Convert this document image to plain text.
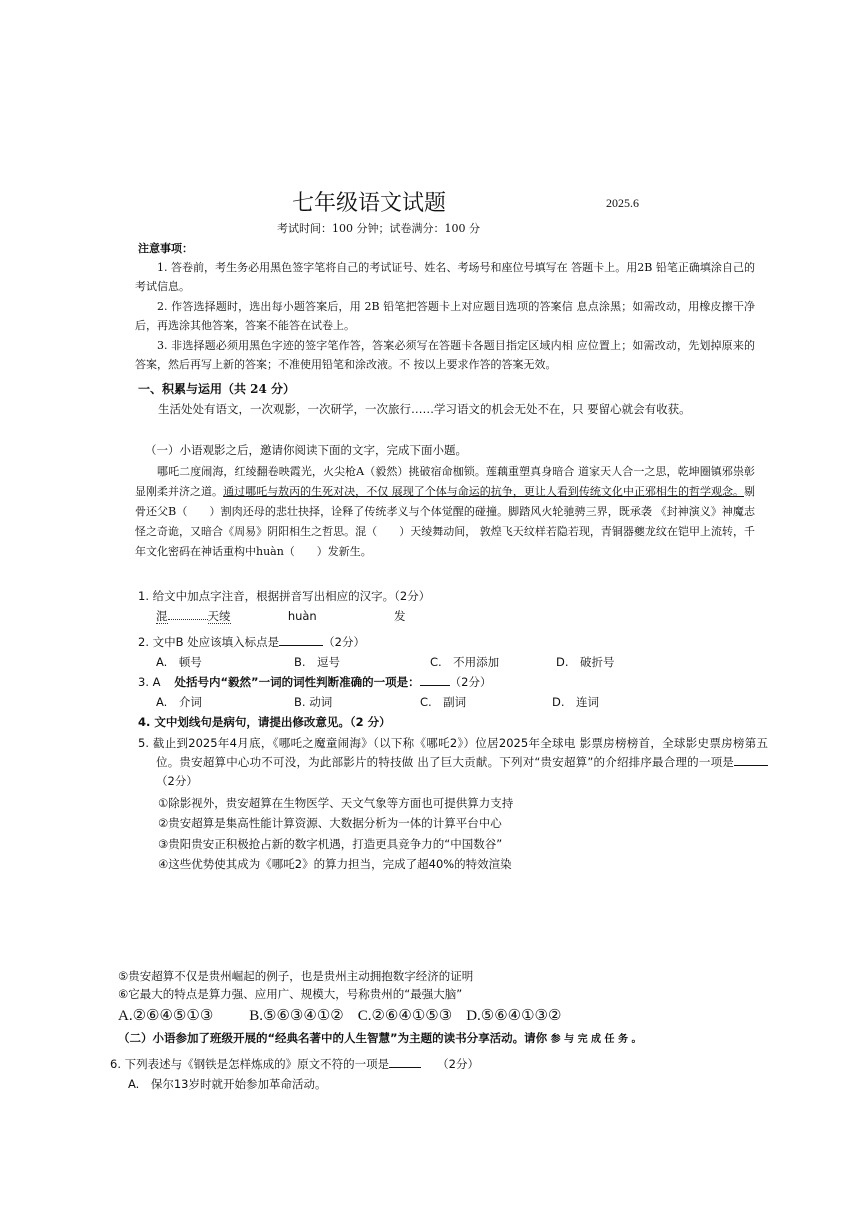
七年级语文试题	2025.6
考试时间：100 分钟；试卷满分：100 分
注意事项：
1. 答卷前，考生务必用黑色签字笔将自己的考试证号、姓名、考场号和座位号填写在 答题卡上。用2B 铅笔正确填涂自己的考试信息。
2. 作答选择题时，选出每小题答案后，用 2B 铅笔把答题卡上对应题目选项的答案信 息点涂黑；如需改动，用橡皮擦干净后，再选涂其他答案，答案不能答在试卷上。
3. 非选择题必须用黑色字迹的签字笔作答，答案必须写在答题卡各题目指定区域内相 应位置上；如需改动，先划掉原来的答案，然后再写上新的答案；不准使用铅笔和涂改液。不 按以上要求作答的答案无效。
一、积累与运用（共 24 分）
生活处处有语文，一次观影，一次研学，一次旅行……学习语文的机会无处不在，只 要留心就会有收获。
（一）小语观影之后，邀请你阅读下面的文字，完成下面小题。
哪吒二度闹海，红绫翻卷映霞光，火尖枪A（毅然）挑破宿命枷锁。莲藕重塑真身暗合 道家天人合一之思，乾坤圈镇邪祟彰显刚柔并济之道。通过哪吒与敖丙的生死对决，不仅 展现了个体与命运的抗争，更让人看到传统文化中正邪相生的哲学观念。剔骨还父B（　　）割肉还母的悲壮抉择，诠释了传统孝义与个体觉醒的碰撞。脚踏风火轮驰骋三界，既承袭 《封神演义》神魔志怪之奇诡，又暗合《周易》阴阳相生之哲思。混（　　）天绫舞动间， 敦煌飞天纹样若隐若现，青铜器夔龙纹在铠甲上流转，千年文化密码在神话重构中huàn（　　）发新生。
1. 给文中加点字注音，根据拼音写出相应的汉字。（2分）
混	天绫	huàn	发
2. 文中B 处应该填入标点是	（2分）
A.　顿号	B.　逗号	C.　不用添加	D.　破折号
3. A 处括号内“毅然”一词的词性判断准确的一项是：	（2分）
A.　介词	B. 动词	C.　副词	D.　连词
4. 文中划线句是病句，请提出修改意见。（2 分）
5. 截止到2025年4月底，《哪吒之魔童闹海》（以下称《哪吒2》）位居2025年全球电 影票房榜榜首，全球影史票房榜第五位。贵安超算中心功不可没，为此部影片的特技做 出了巨大贡献。下列对“贵安超算”的介绍排序最合理的一项是（2分）
①除影视外，贵安超算在生物医学、天文气象等方面也可提供算力支持
②贵安超算是集高性能计算资源、大数据分析为一体的计算平台中心
③贵阳贵安正积极抢占新的数字机遇，打造更具竞争力的“中国数谷”
④这些优势使其成为《哪吒2》的算力担当，完成了超40%的特效渲染
⑤贵安超算不仅是贵州崛起的例子，也是贵州主动拥抱数字经济的证明
⑥它最大的特点是算力强、应用广、规模大，号称贵州的“最强大脑”
A.②⑥④⑤①③ B.⑤⑥③④①② C.②⑥④①⑤③ D.⑤⑥④①③②
（二）小语参加了班级开展的“经典名著中的人生智慧”为主题的读书分享活动。请你 参 与 完 成 任 务 。
6. 下列表述与《钢铁是怎样炼成的》原文不符的一项是	（2分）
A.　保尔13岁时就开始参加革命活动。
